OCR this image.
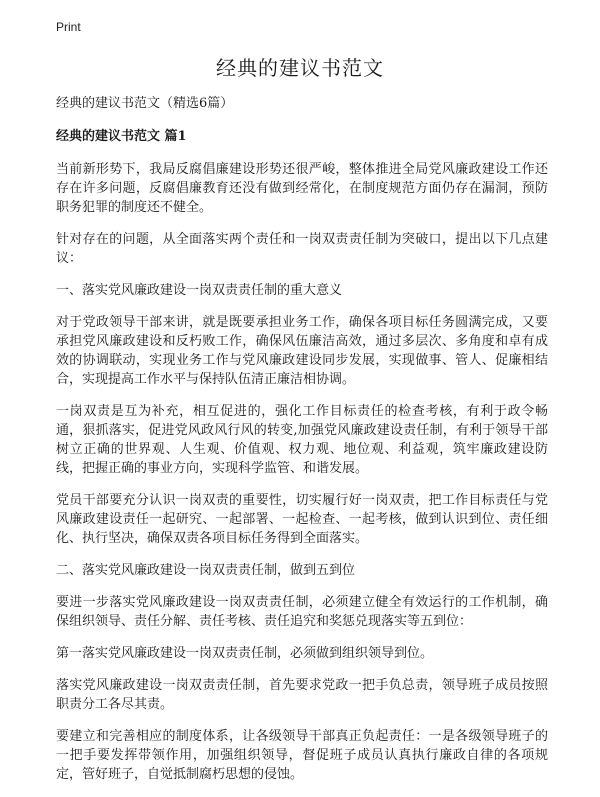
Print
经典的建议书范文

经典的建议书范文（精选6篇）

经典的建议书范文 篇1

当前新形势下，我局反腐倡廉建设形势还很严峻，整体推进全局党风廉政建设工作还存在许多问题，反腐倡廉教育还没有做到经常化，在制度规范方面仍存在漏洞，预防职务犯罪的制度还不健全。

针对存在的问题，从全面落实两个责任和一岗双责责任制为突破口，提出以下几点建议：

一、落实党风廉政建设一岗双责责任制的重大意义

对于党政领导干部来讲，就是既要承担业务工作，确保各项目标任务圆满完成，又要承担党风廉政建设和反朽败工作，确保风伍廉洁高效，通过多层次、多角度和卓有成效的协调联动，实现业务工作与党风廉政建设同步发展，实现做事、管人、促廉相结合，实现提高工作水平与保持队伍清正廉洁相协调。

一岗双责是互为补充，相互促进的，强化工作目标责任的检查考核，有利于政令畅通，狠抓落实，促进党风政风行风的转变,加强党风廉政建设责任制，有利于领导干部树立正确的世界观、人生观、价值观、权力观、地位观、利益观，筑牢廉政建设防线，把握正确的事业方向，实现科学监管、和谐发展。

党员干部要充分认识一岗双责的重要性，切实履行好一岗双责，把工作目标责任与党风廉政建设责任一起研究、一起部署、一起检查、一起考核，做到认识到位、责任细化、执行坚决，确保双责各项目标任务得到全面落实。

二、落实党风廉政建设一岗双责责任制，做到五到位

要进一步落实党风廉政建设一岗双责责任制，必须建立健全有效运行的工作机制，确保组织领导、责任分解、责任考核、责任追究和奖惩兑现落实等五到位：

第一落实党风廉政建设一岗双责责任制，必须做到组织领导到位。

落实党风廉政建设一岗双责责任制，首先要求党政一把手负总责，领导班子成员按照职责分工各尽其责。

要建立和完善相应的制度体系，让各级领导干部真正负起责任：一是各级领导班子的一把手要发挥带领作用，加强组织领导，督促班子成员认真执行廉政自律的各项规定，管好班子，自觉抵制腐朽思想的侵蚀。
